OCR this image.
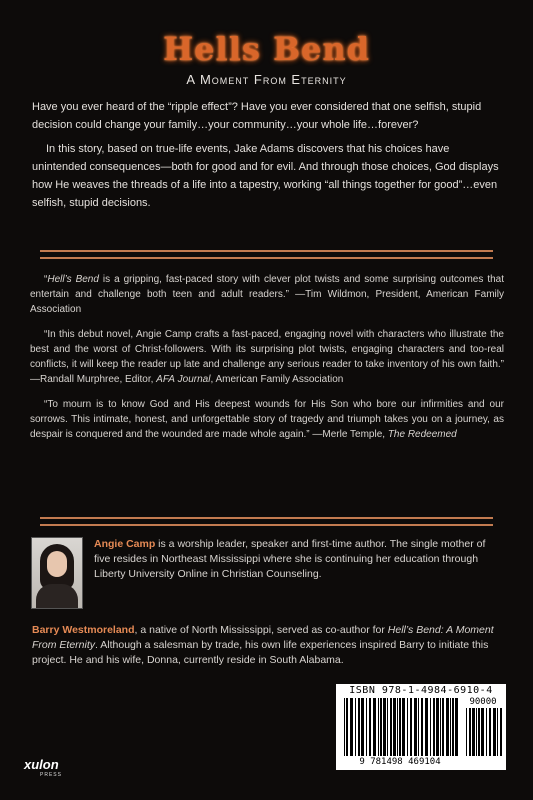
Hells Bend
A Moment From Eternity

Have you ever heard of the “ripple effect”? Have you ever considered that one selfish, stupid decision could change your family…your community…your whole life…forever?

In this story, based on true-life events, Jake Adams discovers that his choices have unintended consequences—both for good and for evil. And through those choices, God displays how He weaves the threads of a life into a tapestry, working “all things together for good”…even selfish, stupid decisions.

“Hell’s Bend is a gripping, fast-paced story with clever plot twists and some surprising outcomes that entertain and challenge both teen and adult readers.” —Tim Wildmon, President, American Family Association

“In this debut novel, Angie Camp crafts a fast-paced, engaging novel with characters who illustrate the best and the worst of Christ-followers. With its surprising plot twists, engaging characters and too-real conflicts, it will keep the reader up late and challenge any serious reader to take inventory of his own faith.” —Randall Murphree, Editor, AFA Journal, American Family Association

“To mourn is to know God and His deepest wounds for His Son who bore our infirmities and our sorrows. This intimate, honest, and unforgettable story of tragedy and triumph takes you on a journey, as despair is conquered and the wounded are made whole again.” —Merle Temple, The Redeemed

Angie Camp is a worship leader, speaker and first-time author. The single mother of five resides in Northeast Mississippi where she is continuing her education through Liberty University Online in Christian Counseling.
Barry Westmoreland, a native of North Mississippi, served as co-author for Hell’s Bend: A Moment From Eternity. Although a salesman by trade, his own life experiences inspired Barry to initiate this project. He and his wife, Donna, currently reside in South Alabama.
ISBN 978-1-4984-6910-4
90000
9 781498 469104
xulon
PRESS
